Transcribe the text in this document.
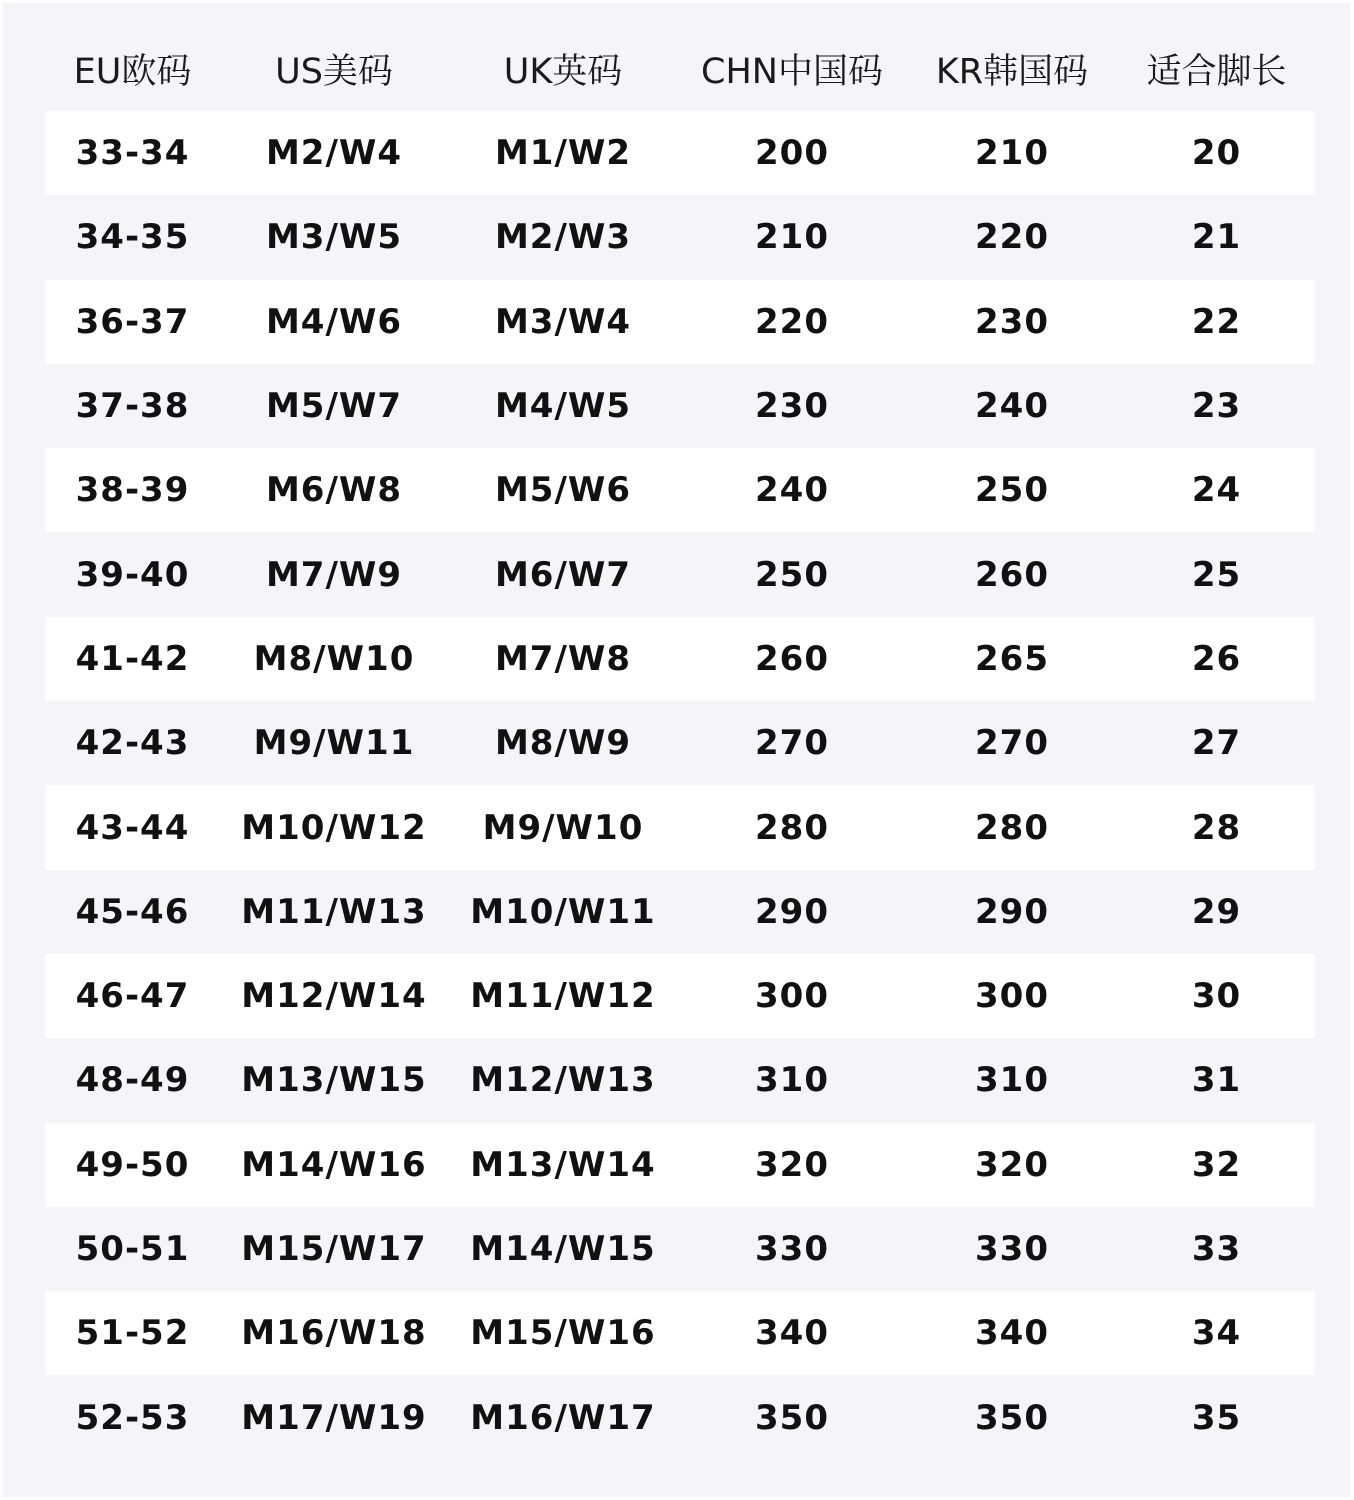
EU欧码	US美码	UK英码	CHN中国码	KR韩国码	适合脚长
33-34	M2/W4	M1/W2	200	210	20
34-35	M3/W5	M2/W3	210	220	21
36-37	M4/W6	M3/W4	220	230	22
37-38	M5/W7	M4/W5	230	240	23
38-39	M6/W8	M5/W6	240	250	24
39-40	M7/W9	M6/W7	250	260	25
41-42	M8/W10	M7/W8	260	265	26
42-43	M9/W11	M8/W9	270	270	27
43-44	M10/W12	M9/W10	280	280	28
45-46	M11/W13	M10/W11	290	290	29
46-47	M12/W14	M11/W12	300	300	30
48-49	M13/W15	M12/W13	310	310	31
49-50	M14/W16	M13/W14	320	320	32
50-51	M15/W17	M14/W15	330	330	33
51-52	M16/W18	M15/W16	340	340	34
52-53	M17/W19	M16/W17	350	350	35
